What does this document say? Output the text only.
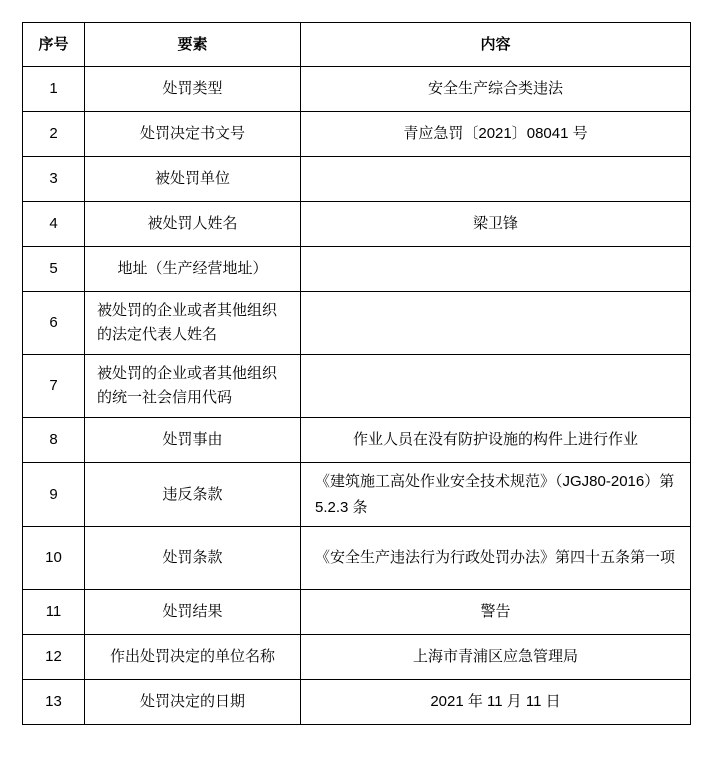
序号	要素	内容

1	处罚类型	安全生产综合类违法

2	处罚决定书文号	青应急罚〔2021〕08041 号

3	被处罚单位	

4	被处罚人姓名	梁卫锋

5	地址（生产经营地址）	

6	被处罚的企业或者其他组织的法定代表人姓名	

7	被处罚的企业或者其他组织的统一社会信用代码	

8	处罚事由	作业人员在没有防护设施的构件上进行作业

9	违反条款	《建筑施工高处作业安全技术规范》（JGJ80-2016）第 5.2.3 条

10	处罚条款	《安全生产违法行为行政处罚办法》第四十五条第一项

11	处罚结果	警告

12	作出处罚决定的单位名称	上海市青浦区应急管理局

13	处罚决定的日期	2021 年 11 月 11 日
